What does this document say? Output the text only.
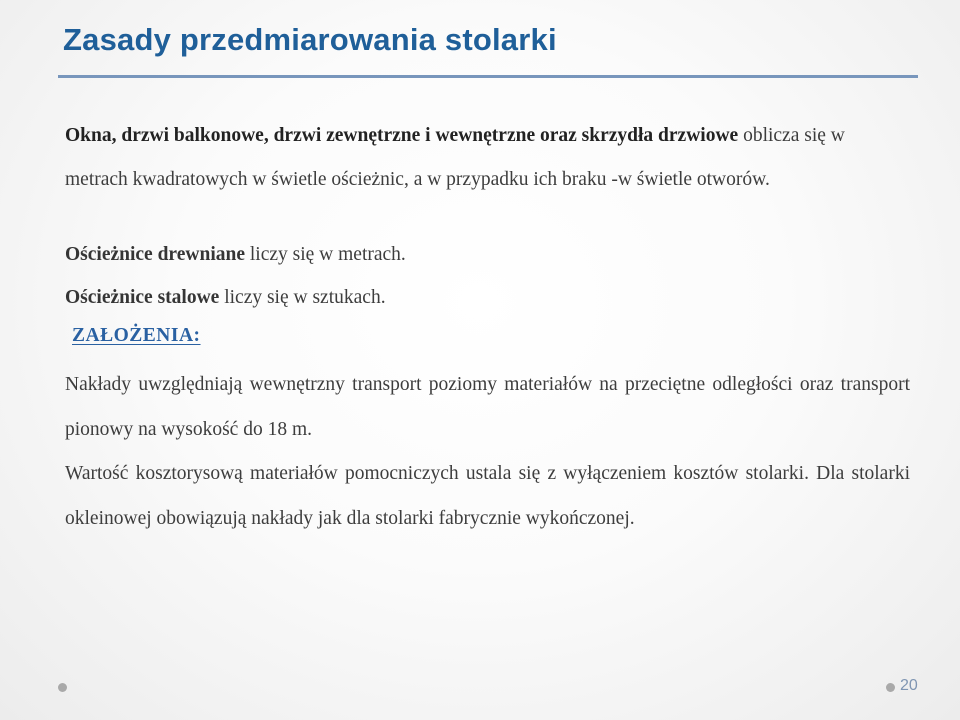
Zasady przedmiarowania stolarki

Okna, drzwi balkonowe, drzwi zewnętrzne i wewnętrzne oraz skrzydła drzwiowe oblicza się w metrach kwadratowych w świetle ościeżnic, a w przypadku ich braku -w świetle otworów.

Ościeżnice drewniane liczy się w metrach.

Ościeżnice stalowe liczy się w sztukach.

ZAŁOŻENIA:

Nakłady uwzględniają wewnętrzny transport poziomy materiałów na przeciętne odległości oraz transport pionowy na wysokość do 18 m.

Wartość kosztorysową materiałów pomocniczych ustala się z wyłączeniem kosztów stolarki. Dla stolarki okleinowej obowiązują nakłady jak dla stolarki fabrycznie wykończonej.

20
